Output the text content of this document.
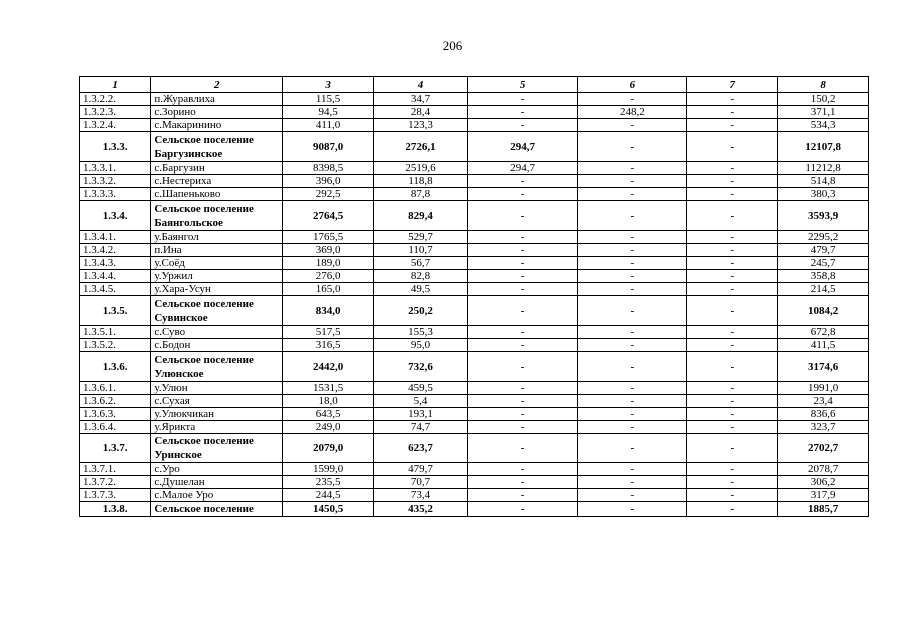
206
1	2	3	4	5	6	7	8
1.3.2.2.	п.Журавлиха	115,5	34,7	-	-	-	150,2
1.3.2.3.	с.Зорино	94,5	28,4	-	248,2	-	371,1
1.3.2.4.	с.Макаринино	411,0	123,3	-	-	-	534,3
1.3.3.	Сельское поселение Баргузинское	9087,0	2726,1	294,7	-	-	12107,8
1.3.3.1.	с.Баргузин	8398,5	2519,6	294,7	-	-	11212,8
1.3.3.2.	с.Нестериха	396,0	118,8	-	-	-	514,8
1.3.3.3.	с.Шапеньково	292,5	87,8	-	-	-	380,3
1.3.4.	Сельское поселение Баянгольское	2764,5	829,4	-	-	-	3593,9
1.3.4.1.	у.Баянгол	1765,5	529,7	-	-	-	2295,2
1.3.4.2.	п.Ина	369,0	110,7	-	-	-	479,7
1.3.4.3.	у.Соёд	189,0	56,7	-	-	-	245,7
1.3.4.4.	у.Уржил	276,0	82,8	-	-	-	358,8
1.3.4.5.	у.Хара-Усун	165,0	49,5	-	-	-	214,5
1.3.5.	Сельское поселение Сувинское	834,0	250,2	-	-	-	1084,2
1.3.5.1.	с.Суво	517,5	155,3	-	-	-	672,8
1.3.5.2.	с.Бодон	316,5	95,0	-	-	-	411,5
1.3.6.	Сельское поселение Улюнское	2442,0	732,6	-	-	-	3174,6
1.3.6.1.	у.Улюн	1531,5	459,5	-	-	-	1991,0
1.3.6.2.	с.Сухая	18,0	5,4	-	-	-	23,4
1.3.6.3.	у.Улюкчикан	643,5	193,1	-	-	-	836,6
1.3.6.4.	у.Ярикта	249,0	74,7	-	-	-	323,7
1.3.7.	Сельское поселение Уринское	2079,0	623,7	-	-	-	2702,7
1.3.7.1.	с.Уро	1599,0	479,7	-	-	-	2078,7
1.3.7.2.	с.Душелан	235,5	70,7	-	-	-	306,2
1.3.7.3.	с.Малое Уро	244,5	73,4	-	-	-	317,9
1.3.8.	Сельское поселение	1450,5	435,2	-	-	-	1885,7
